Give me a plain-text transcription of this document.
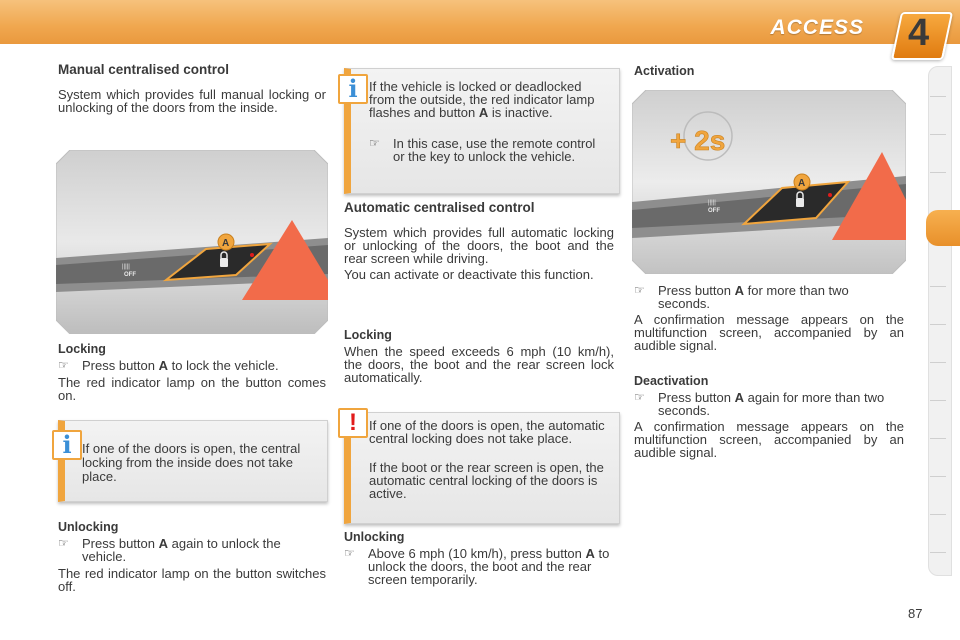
ACCESS 4
Manual centralised control
System which provides full manual locking or unlocking of the doors from the inside.
|||||
OFF
A
Locking
☞	Press button A to lock the vehicle.
The red indicator lamp on the button comes on.
i If one of the doors is open, the central locking from the inside does not take place.
Unlocking
☞	Press button A again to unlock the vehicle.
The red indicator lamp on the button switches off.
i If the vehicle is locked or deadlocked from the outside, the red indicator lamp flashes and button A is inactive.
☞	In this case, use the remote control or the key to unlock the vehicle.
Automatic centralised control
System which provides full automatic locking or unlocking of the doors, the boot and the rear screen while driving.
You can activate or deactivate this function.
Locking
When the speed exceeds 6 mph (10 km/h), the doors, the boot and the rear screen lock automatically.
! If one of the doors is open, the automatic central locking does not take place.
If the boot or the rear screen is open, the automatic central locking of the doors is active.
Unlocking
☞	Above 6 mph (10 km/h), press button A to unlock the doors, the boot and the rear screen temporarily.
Activation
|||||
OFF
A
+ 2s
☞	Press button A for more than two seconds.
A confirmation message appears on the multifunction screen, accompanied by an audible signal.
Deactivation
☞	Press button A again for more than two seconds.
A confirmation message appears on the multifunction screen, accompanied by an audible signal.
87
